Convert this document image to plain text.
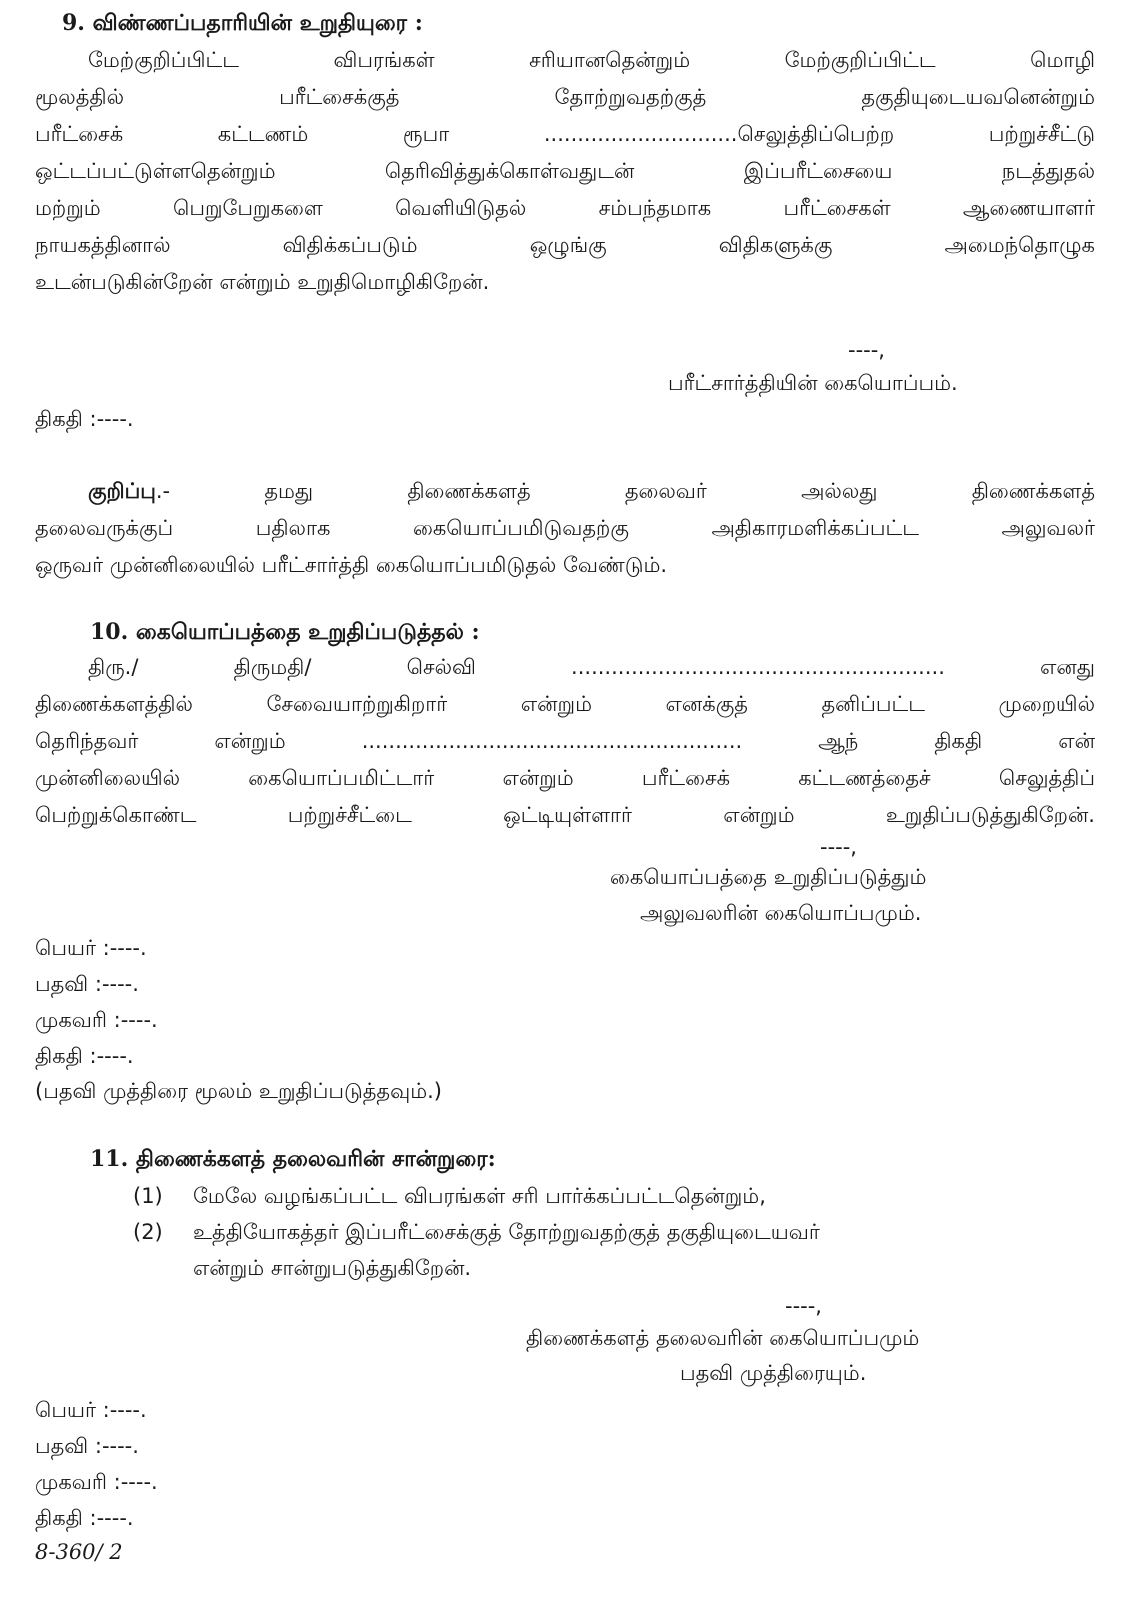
9. விண்ணப்பதாரியின் உறுதியுரை :
மேற்குறிப்பிட்ட விபரங்கள் சரியானதென்றும் மேற்குறிப்பிட்ட மொழி
மூலத்தில் பரீட்சைக்குத் தோற்றுவதற்குத் தகுதியுடையவனென்றும்
பரீட்சைக் கட்டணம் ரூபா .............................செலுத்திப்பெற்ற பற்றுச்சீட்டு
ஒட்டப்பட்டுள்ளதென்றும் தெரிவித்துக்கொள்வதுடன் இப்பரீட்சையை நடத்துதல்
மற்றும் பெறுபேறுகளை வெளியிடுதல் சம்பந்தமாக பரீட்சைகள் ஆணையாளர்
நாயகத்தினால் விதிக்கப்படும் ஒழுங்கு விதிகளுக்கு அமைந்தொழுக
உடன்படுகின்றேன் என்றும் உறுதிமொழிகிறேன்.
----,
பரீட்சார்த்தியின் கையொப்பம்.
திகதி :----.
குறிப்பு.- தமது திணைக்களத் தலைவர் அல்லது திணைக்களத்
தலைவருக்குப் பதிலாக கையொப்பமிடுவதற்கு அதிகாரமளிக்கப்பட்ட அலுவலர்
ஒருவர் முன்னிலையில் பரீட்சார்த்தி கையொப்பமிடுதல் வேண்டும்.
10. கையொப்பத்தை உறுதிப்படுத்தல் :
திரு./ திருமதி/ செல்வி ........................................................ எனது
திணைக்களத்தில் சேவையாற்றுகிறார் என்றும் எனக்குத் தனிப்பட்ட முறையில்
தெரிந்தவர் என்றும் ......................................................... ஆந் திகதி என்
முன்னிலையில் கையொப்பமிட்டார் என்றும் பரீட்சைக் கட்டணத்தைச் செலுத்திப்
பெற்றுக்கொண்ட பற்றுச்சீட்டை ஒட்டியுள்ளார் என்றும் உறுதிப்படுத்துகிறேன்.
----,
கையொப்பத்தை உறுதிப்படுத்தும்
அலுவலரின் கையொப்பமும்.
பெயர் :----.
பதவி :----.
முகவரி :----.
திகதி :----.
(பதவி முத்திரை மூலம் உறுதிப்படுத்தவும்.)
11. திணைக்களத் தலைவரின் சான்றுரை:
(1) மேலே வழங்கப்பட்ட விபரங்கள் சரி பார்க்கப்பட்டதென்றும்,
(2) உத்தியோகத்தர் இப்பரீட்சைக்குத் தோற்றுவதற்குத் தகுதியுடையவர்
என்றும் சான்றுபடுத்துகிறேன்.
----,
திணைக்களத் தலைவரின் கையொப்பமும்
பதவி முத்திரையும்.
பெயர் :----.
பதவி :----.
முகவரி :----.
திகதி :----.
8-360/ 2
